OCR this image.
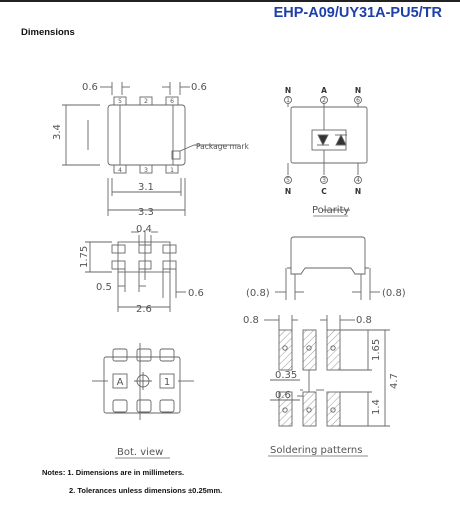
EHP-A09/UY31A-PU5/TR
Dimensions
0.6	0.6
3.4
3.1
3.3
Package mark
5	2	6
4	3	1
1	2	6
5	3	4
N	A	N
N	C	N
Polarity
0.4
1.75
0.5
2.6
0.6	(0.8)	(0.8)
A	1
Bot. view
0.8	0.8
1.65
4.7
0.35
0.6
1.4
Soldering patterns
Notes: 1. Dimensions are in millimeters.
2. Tolerances unless dimensions ±0.25mm.
